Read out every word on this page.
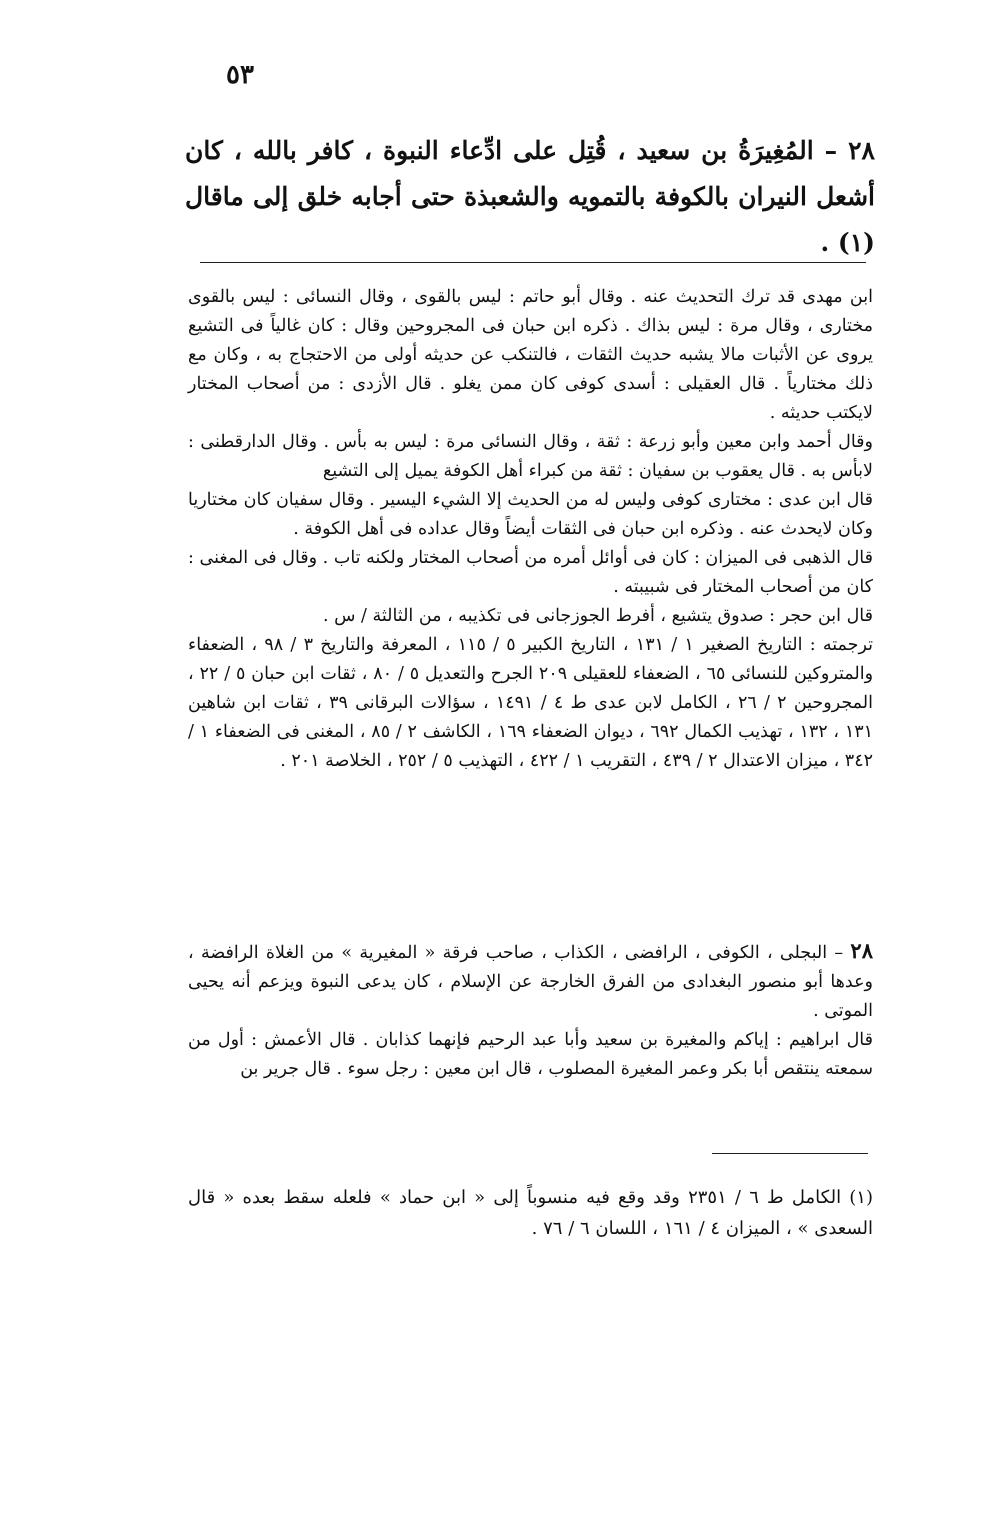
٥٣
٢٨ – المُغِيرَةُ بن سعيد ، قُتِل على ادِّعاء النبوة ، كافر بالله ، كان أشعل النيران بالكوفة بالتمويه والشعبذة حتى أجابه خلق إلى ماقال (١) .

ابن مهدى قد ترك التحديث عنه . وقال أبو حاتم : ليس بالقوى ، وقال النسائى : ليس بالقوى مختارى ، وقال مرة : ليس بذاك . ذكره ابن حبان فى المجروحين وقال : كان غالياً فى التشيع يروى عن الأثبات مالا يشبه حديث الثقات ، فالتنكب عن حديثه أولى من الاحتجاج به ، وكان مع ذلك مختارياً . قال العقيلى : أسدى كوفى كان ممن يغلو . قال الأزدى : من أصحاب المختار لايكتب حديثه .

وقال أحمد وابن معين وأبو زرعة : ثقة ، وقال النسائى مرة : ليس به بأس . وقال الدارقطنى : لابأس به . قال يعقوب بن سفيان : ثقة من كبراء أهل الكوفة يميل إلى التشيع

قال ابن عدى : مختارى كوفى وليس له من الحديث إلا الشيء اليسير . وقال سفيان كان مختاريا وكان لايحدث عنه . وذكره ابن حبان فى الثقات أيضاً وقال عداده فى أهل الكوفة .

قال الذهبى فى الميزان : كان فى أوائل أمره من أصحاب المختار ولكنه تاب . وقال فى المغنى : كان من أصحاب المختار فى شبيبته .

قال ابن حجر : صدوق يتشيع ، أفرط الجوزجانى فى تكذيبه ، من الثالثة / س .

ترجمته : التاريخ الصغير ١ / ١٣١ ، التاريخ الكبير ٥ / ١١٥ ، المعرفة والتاريخ ٣ / ٩٨ ، الضعفاء والمتروكين للنسائى ٦٥ ، الضعفاء للعقيلى ٢٠٩ الجرح والتعديل ٥ / ٨٠ ، ثقات ابن حبان ٥ / ٢٢ ، المجروحين ٢ / ٢٦ ، الكامل لابن عدى ط ٤ / ١٤٩١ ، سؤالات البرقانى ٣٩ ، ثقات ابن شاهين ١٣١ ، ١٣٢ ، تهذيب الكمال ٦٩٢ ، ديوان الضعفاء ١٦٩ ، الكاشف ٢ / ٨٥ ، المغنى فى الضعفاء ١ / ٣٤٢ ، ميزان الاعتدال ٢ / ٤٣٩ ، التقريب ١ / ٤٢٢ ، التهذيب ٥ / ٢٥٢ ، الخلاصة ٢٠١ .

٢٨ – البجلى ، الكوفى ، الرافضى ، الكذاب ، صاحب فرقة « المغيرية » من الغلاة الرافضة ، وعدها أبو منصور البغدادى من الفرق الخارجة عن الإسلام ، كان يدعى النبوة ويزعم أنه يحيى الموتى .

قال ابراهيم : إياكم والمغيرة بن سعيد وأبا عبد الرحيم فإنهما كذابان . قال الأعمش : أول من سمعته ينتقص أبا بكر وعمر المغيرة المصلوب ، قال ابن معين : رجل سوء . قال جرير بن

(١) الكامل ط ٦ / ٢٣٥١ وقد وقع فيه منسوباً إلى « ابن حماد » فلعله سقط بعده « قال السعدى » ، الميزان ٤ / ١٦١ ، اللسان ٦ / ٧٦ .
